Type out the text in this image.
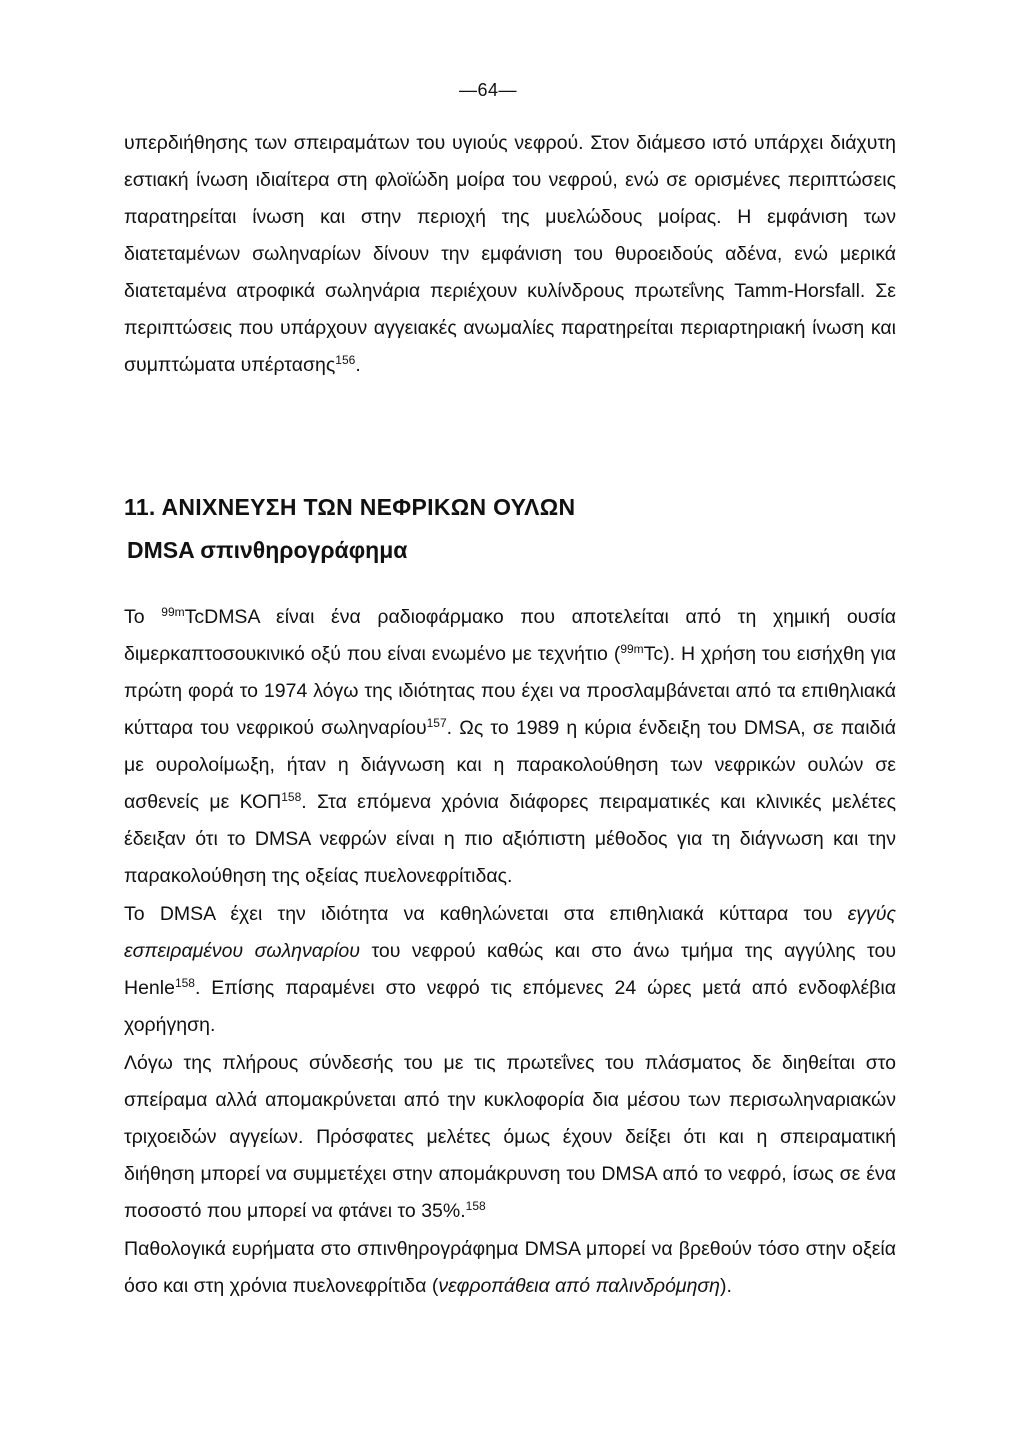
—64—

υπερδιήθησης των σπειραμάτων του υγιούς νεφρού. Στον διάμεσο ιστό υπάρχει διάχυτη εστιακή ίνωση ιδιαίτερα στη φλοϊώδη μοίρα του νεφρού, ενώ σε ορισμένες περιπτώσεις παρατηρείται ίνωση και στην περιοχή της μυελώδους μοίρας. Η εμφάνιση των διατεταμένων σωληναρίων δίνουν την εμφάνιση του θυροειδούς αδένα, ενώ μερικά διατεταμένα ατροφικά σωληνάρια περιέχουν κυλίνδρους πρωτεΐνης Tamm-Horsfall. Σε περιπτώσεις που υπάρχουν αγγειακές ανωμαλίες παρατηρείται περιαρτηριακή ίνωση και συμπτώματα υπέρτασης$^{156}$.

11. ΑΝΙΧΝΕΥΣΗ ΤΩΝ ΝΕΦΡΙΚΩΝ ΟΥΛΩΝ
DMSA σπινθηρογράφημα

Το $^{99m}$TcDMSA είναι ένα ραδιοφάρμακο που αποτελείται από τη χημική ουσία διμερκαπτοσουκινικό οξύ που είναι ενωμένο με τεχνήτιο ($^{99m}$Tc). Η χρήση του εισήχθη για πρώτη φορά το 1974 λόγω της ιδιότητας που έχει να προσλαμβάνεται από τα επιθηλιακά κύτταρα του νεφρικού σωληναρίου$^{157}$. Ως το 1989 η κύρια ένδειξη του DMSA, σε παιδιά με ουρολοίμωξη, ήταν η διάγνωση και η παρακολούθηση των νεφρικών ουλών σε ασθενείς με ΚΟΠ$^{158}$. Στα επόμενα χρόνια διάφορες πειραματικές και κλινικές μελέτες έδειξαν ότι το DMSA νεφρών είναι η πιο αξιόπιστη μέθοδος για τη διάγνωση και την παρακολούθηση της οξείας πυελονεφρίτιδας.

Το DMSA έχει την ιδιότητα να καθηλώνεται στα επιθηλιακά κύτταρα του εγγύς εσπειραμένου σωληναρίου του νεφρού καθώς και στο άνω τμήμα της αγγύλης του Henle$^{158}$. Επίσης παραμένει στο νεφρό τις επόμενες 24 ώρες μετά από ενδοφλέβια χορήγηση.

Λόγω της πλήρους σύνδεσής του με τις πρωτεΐνες του πλάσματος δε διηθείται στο σπείραμα αλλά απομακρύνεται από την κυκλοφορία δια μέσου των περισωληναριακών τριχοειδών αγγείων. Πρόσφατες μελέτες όμως έχουν δείξει ότι και η σπειραματική διήθηση μπορεί να συμμετέχει στην απομάκρυνση του DMSA από το νεφρό, ίσως σε ένα ποσοστό που μπορεί να φτάνει το 35%.$^{158}$

Παθολογικά ευρήματα στο σπινθηρογράφημα DMSA μπορεί να βρεθούν τόσο στην οξεία όσο και στη χρόνια πυελονεφρίτιδα (νεφροπάθεια από παλινδρόμηση).
